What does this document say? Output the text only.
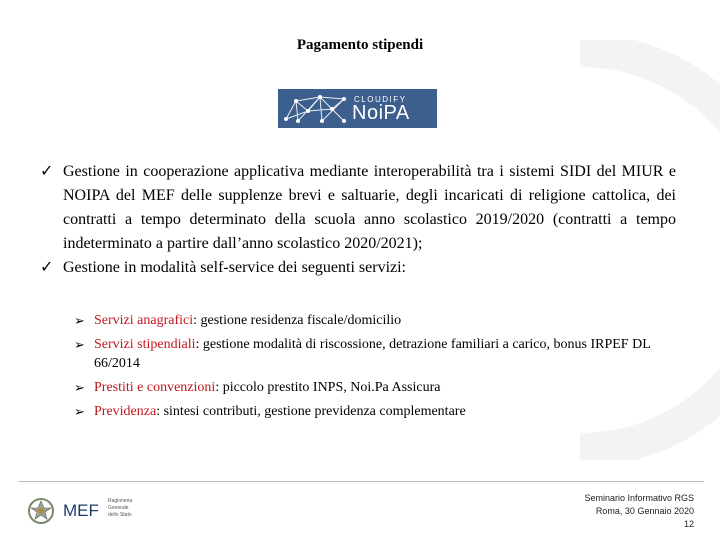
Pagamento stipendi
CLOUDIFY
NoiPA
✓ Gestione in cooperazione applicativa mediante interoperabilità tra i sistemi SIDI del MIUR e NOIPA del MEF delle supplenze brevi e saltuarie, degli incaricati di religione cattolica, dei contratti a tempo determinato della scuola anno scolastico 2019/2020 (contratti a tempo indeterminato a partire dall’anno scolastico 2020/2021);
✓ Gestione in modalità self-service dei seguenti servizi:
➢ Servizi anagrafici: gestione residenza fiscale/domicilio
➢ Servizi stipendiali: gestione modalità di riscossione, detrazione familiari a carico, bonus IRPEF DL 66/2014
➢ Prestiti e convenzioni: piccolo prestito INPS, Noi.Pa Assicura
➢ Previdenza: sintesi contributi, gestione previdenza complementare
MEF Ragioneria
Generale
dello Stato
Seminario Informativo RGS
Roma, 30 Gennaio 2020
12
